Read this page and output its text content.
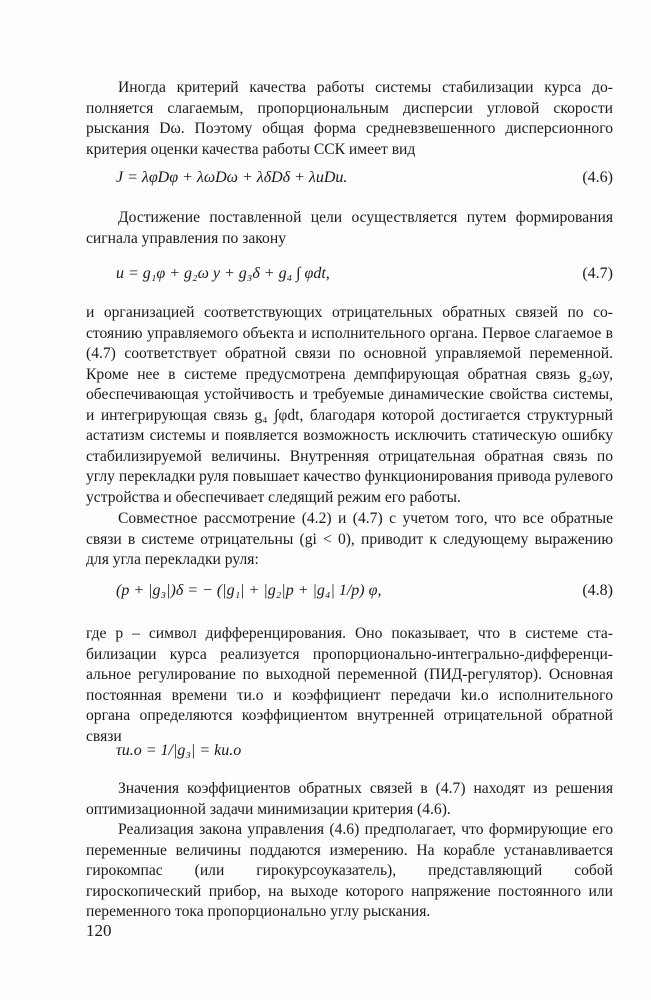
Иногда критерий качества работы системы стабилизации курса дополняется слагаемым, пропорциональным дисперсии угловой скорости рыскания Dω. Поэтому общая форма средневзвешенного дисперсионного критерия оценки качества работы ССК имеет вид

J = λφDφ + λωDω + λδDδ + λuDu.	(4.6)

Достижение поставленной цели осуществляется путем формирования сигнала управления по закону

u = g₁φ + g₂ω y + g₃δ + g₄ ∫ φdt,	(4.7)

и организацией соответствующих отрицательных обратных связей по состоянию управляемого объекта и исполнительного органа. Первое слагаемое в (4.7) соответствует обратной связи по основной управляемой переменной. Кроме нее в системе предусмотрена демпфирующая обратная связь g₂ωy, обеспечивающая устойчивость и требуемые динамические свойства системы, и интегрирующая связь g₄ ∫φdt, благодаря которой достигается структурный астатизм системы и появляется возможность исключить статическую ошибку стабилизируемой величины. Внутренняя отрицательная обратная связь по углу перекладки руля повышает качество функционирования привода рулевого устройства и обеспечивает следящий режим его работы.

Совместное рассмотрение (4.2) и (4.7) с учетом того, что все обратные связи в системе отрицательны (gi < 0), приводит к следующему выражению для угла перекладки руля:

(p + |g₃|)δ = − (|g₁| + |g₂|p + |g₄| 1/p) φ,	(4.8)

где p – символ дифференцирования. Оно показывает, что в системе стабилизации курса реализуется пропорционально-интегрально-дифференциальное регулирование по выходной переменной (ПИД-регулятор). Основная постоянная времени τи.о и коэффициент передачи kи.о исполнительного органа определяются коэффициентом внутренней отрицательной обратной связи

τи.о = 1/|g₃| = kи.о

Значения коэффициентов обратных связей в (4.7) находят из решения оптимизационной задачи минимизации критерия (4.6).

Реализация закона управления (4.6) предполагает, что формирующие его переменные величины поддаются измерению. На корабле устанавливается гирокомпас (или гирокурсоуказатель), представляющий собой гироскопический прибор, на выходе которого напряжение постоянного или переменного тока пропорционально углу рыскания.

120
